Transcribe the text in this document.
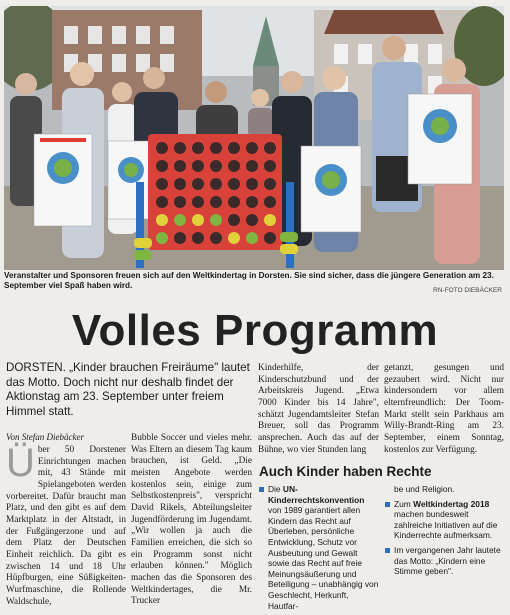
Veranstalter und Sponsoren freuen sich auf den Weltkindertag in Dorsten. Sie sind sicher, dass die jüngere Generation am 23. September viel Spaß haben wird.
RN-FOTO DIEBÄCKER
Volles Programm
DORSTEN. „Kinder brauchen Freiräume" lautet das Motto. Doch nicht nur deshalb findet der Aktionstag am 23. September unter freiem Himmel statt.
Von Stefan Diebäcker
Über 50 Dorstener Einrichtungen machen mit, 43 Stände mit Spielangeboten werden vorbereitet. Dafür braucht man Platz, und den gibt es auf dem Marktplatz in der Altstadt, in der Fußgängerzone und auf dem Platz der Deutschen Einheit reichlich. Da gibt es zwischen 14 und 18 Uhr Hüpfburgen, eine Süßigkeiten-Wurfmaschine, die Rollende Waldschule,
Bubble Soccer und vieles mehr. Was Eltern an diesem Tag kaum brauchen, ist Geld. „Die meisten Angebote werden kostenlos sein, einige zum Selbstkostenpreis", verspricht David Rikels, Abteilungsleiter Jugendförderung im Jugendamt. „Wir wollen ja auch die Familien erreichen, die sich so ein Programm sonst nicht erlauben können." Möglich machen das die Sponsoren des Weltkindertages, die Mr. Trucker
Kinderhilfe, der Kinderschutzbund und der Arbeitskreis Jugend. „Etwa 7000 Kinder bis 14 Jahre", schätzt Jugendamtsleiter Stefan Breuer, soll das Programm ansprechen. Auch das auf der Bühne, wo vier Stunden lang
getanzt, gesungen und gezaubert wird. Nicht nur kindersondern vor allem elternfreundlich: Der Toom-Markt stellt sein Parkhaus am Willy-Brandt-Ring am 23. September, einem Sonntag, kostenlos zur Verfügung.
Auch Kinder haben Rechte

Die UN-Kinderrechtskonvention von 1989 garantiert allen Kindern das Recht auf Überleben, persönliche Entwicklung, Schutz vor Ausbeutung und Gewalt sowie das Recht auf freie Meinungsäußerung und Beteiligung – unabhängig von Geschlecht, Herkunft, Hautfar-

be und Religion.

Zum Weltkindertag 2018 machen bundesweit zahlreiche Initiativen auf die Kinderrechte aufmerksam.

Im vergangenen Jahr lautete das Motto: „Kindern eine Stimme geben".
